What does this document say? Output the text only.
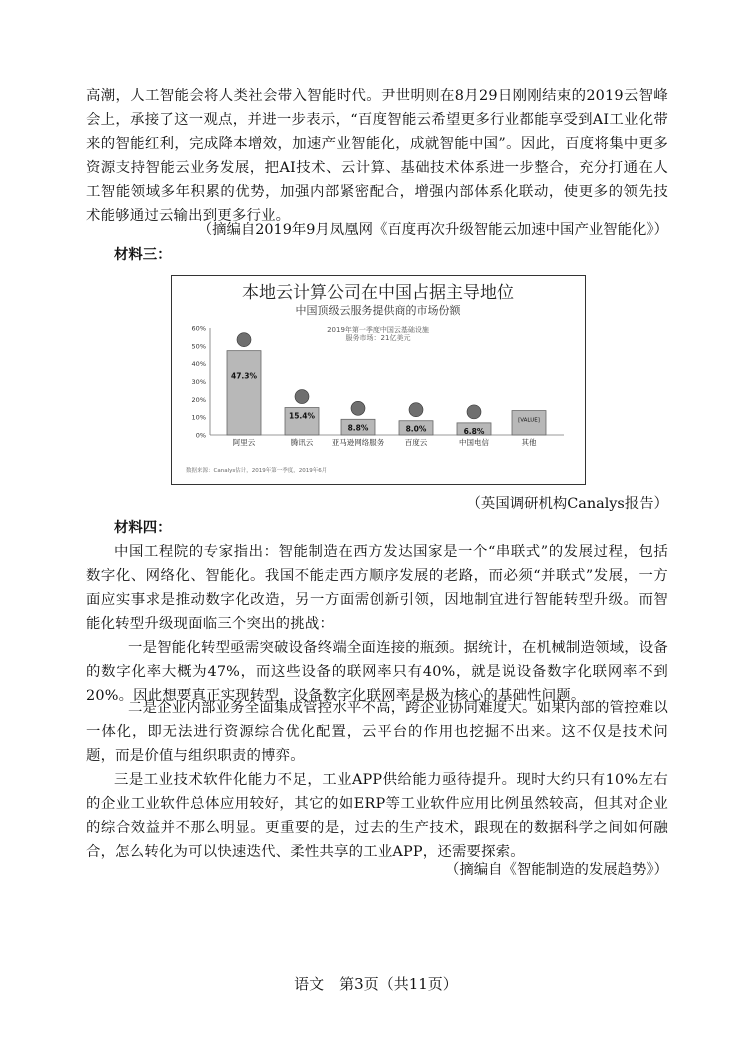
高潮，人工智能会将人类社会带入智能时代。尹世明则在8月29日刚刚结束的2019云智峰会上，承接了这一观点，并进一步表示，“百度智能云希望更多行业都能享受到AI工业化带来的智能红利，完成降本增效，加速产业智能化，成就智能中国”。因此，百度将集中更多资源支持智能云业务发展，把AI技术、云计算、基础技术体系进一步整合，充分打通在人工智能领域多年积累的优势，加强内部紧密配合，增强内部体系化联动，使更多的领先技术能够通过云输出到更多行业。

（摘编自2019年9月凤凰网《百度再次升级智能云加速中国产业智能化》）

材料三：

本地云计算公司在中国占据主导地位
中国顶级云服务提供商的市场份额
2019年第一季度中国云基础设施
服务市场：21亿美元
数据来源：Canalys估计，2019年第一季度，2019年6月
0%
10%
20%
30%
40%
50%
60%
47.3%
阿里云
15.4%
腾讯云
8.8%
亚马逊网络服务
8.0%
百度云
6.8%
中国电信
[VALUE]
其他

（英国调研机构Canalys报告）

材料四：

中国工程院的专家指出：智能制造在西方发达国家是一个“串联式”的发展过程，包括数字化、网络化、智能化。我国不能走西方顺序发展的老路，而必须“并联式”发展，一方面应实事求是推动数字化改造，另一方面需创新引领，因地制宜进行智能转型升级。而智能化转型升级现面临三个突出的挑战：

一是智能化转型亟需突破设备终端全面连接的瓶颈。据统计，在机械制造领域，设备的数字化率大概为47%，而这些设备的联网率只有40%，就是说设备数字化联网率不到20%。因此想要真正实现转型，设备数字化联网率是极为核心的基础性问题。

二是企业内部业务全面集成管控水平不高，跨企业协同难度大。如果内部的管控难以一体化，即无法进行资源综合优化配置，云平台的作用也挖掘不出来。这不仅是技术问题，而是价值与组织职责的博弈。

三是工业技术软件化能力不足，工业APP供给能力亟待提升。现时大约只有10%左右的企业工业软件总体应用较好，其它的如ERP等工业软件应用比例虽然较高，但其对企业的综合效益并不那么明显。更重要的是，过去的生产技术，跟现在的数据科学之间如何融合，怎么转化为可以快速迭代、柔性共享的工业APP，还需要探索。

（摘编自《智能制造的发展趋势》）

语文　第3页（共11页）
